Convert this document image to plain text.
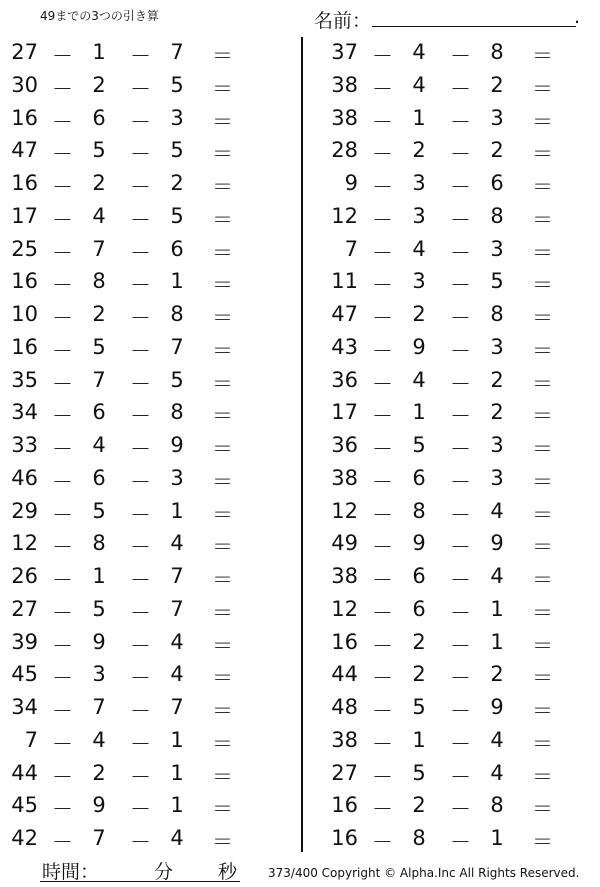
49までの3つの引き算	名前：	.
27 － 1	－ 7	＝
30 － 2	－ 5	＝
16 － 6	－ 3	＝
47 － 5	－ 5	＝
16 － 2	－ 2	＝
17 － 4	－ 5	＝
25 － 7	－ 6	＝
16 － 8	－ 1	＝
10 － 2	－ 8	＝
16 － 5	－ 7	＝
35 － 7	－ 5	＝
34 － 6	－ 8	＝
33 － 4	－ 9	＝
46 － 6	－ 3	＝
29 － 5	－ 1	＝
12 － 8	－ 4	＝
26 － 1	－ 7	＝
27 － 5	－ 7	＝
39 － 9	－ 4	＝
45 － 3	－ 4	＝
34 － 7	－ 7	＝
7 － 4	－ 1	＝
44 － 2	－ 1	＝
45 － 9	－ 1	＝
42 － 7	－ 4	＝
37 － 4	－ 8	＝
38 － 4	－ 2	＝
38 － 1	－ 3	＝
28 － 2	－ 2	＝
9 － 3	－ 6	＝
12 － 3	－ 8	＝
7 － 4	－ 3	＝
11 － 3	－ 5	＝
47 － 2	－ 8	＝
43 － 9	－ 3	＝
36 － 4	－ 2	＝
17 － 1	－ 2	＝
36 － 5	－ 3	＝
38 － 6	－ 3	＝
12 － 8	－ 4	＝
49 － 9	－ 9	＝
38 － 6	－ 4	＝
12 － 6	－ 1	＝
16 － 2	－ 1	＝
44 － 2	－ 2	＝
48 － 5	－ 9	＝
38 － 1	－ 4	＝
27 － 5	－ 4	＝
16 － 2	－ 8	＝
16 － 8	－ 1	＝
時間：	分 秒	373/400 Copyright © Alpha.Inc All Rights Reserved.
